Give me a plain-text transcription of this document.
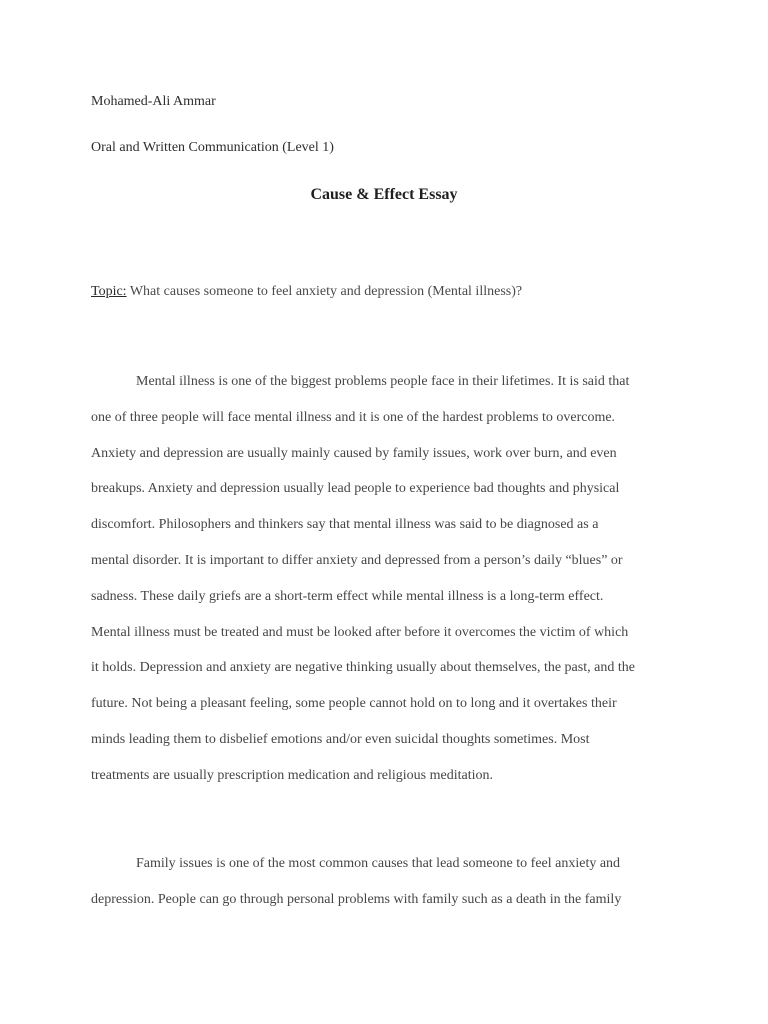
Mohamed-Ali Ammar
Oral and Written Communication (Level 1)
Cause & Effect Essay
Topic: What causes someone to feel anxiety and depression (Mental illness)?
Mental illness is one of the biggest problems people face in their lifetimes. It is said that
one of three people will face mental illness and it is one of the hardest problems to overcome.
Anxiety and depression are usually mainly caused by family issues, work over burn, and even
breakups. Anxiety and depression usually lead people to experience bad thoughts and physical
discomfort. Philosophers and thinkers say that mental illness was said to be diagnosed as a
mental disorder. It is important to differ anxiety and depressed from a person’s daily “blues” or
sadness. These daily griefs are a short-term effect while mental illness is a long-term effect.
Mental illness must be treated and must be looked after before it overcomes the victim of which
it holds. Depression and anxiety are negative thinking usually about themselves, the past, and the
future. Not being a pleasant feeling, some people cannot hold on to long and it overtakes their
minds leading them to disbelief emotions and/or even suicidal thoughts sometimes. Most
treatments are usually prescription medication and religious meditation.
Family issues is one of the most common causes that lead someone to feel anxiety and
depression. People can go through personal problems with family such as a death in the family
